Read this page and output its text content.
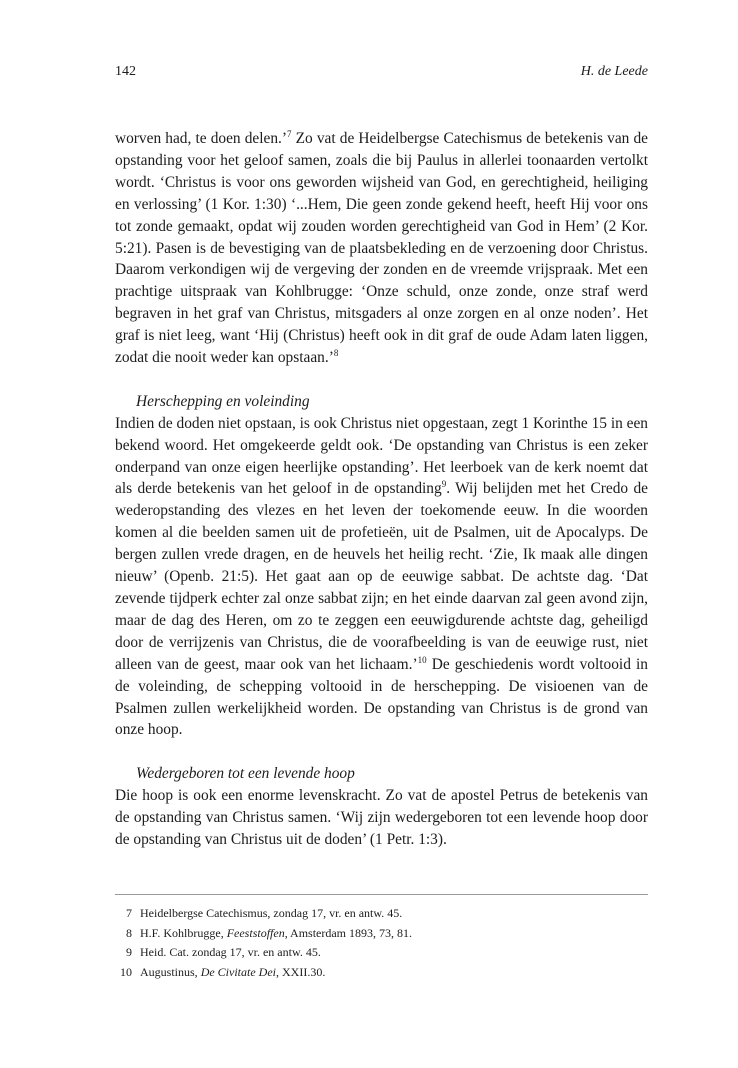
142	H. de Leede

worven had, te doen delen.’$^7$ Zo vat de Heidelbergse Catechismus de betekenis van de opstanding voor het geloof samen, zoals die bij Paulus in allerlei toonaarden vertolkt wordt. ‘Christus is voor ons geworden wijsheid van God, en gerechtigheid, heiliging en verlossing’ (1 Kor. 1:30) ‘...Hem, Die geen zonde gekend heeft, heeft Hij voor ons tot zonde gemaakt, opdat wij zouden worden gerechtigheid van God in Hem’ (2 Kor. 5:21). Pasen is de bevestiging van de plaatsbekleding en de verzoening door Christus. Daarom verkondigen wij de vergeving der zonden en de vreemde vrijspraak. Met een prachtige uitspraak van Kohlbrugge: ‘Onze schuld, onze zonde, onze straf werd begraven in het graf van Christus, mitsgaders al onze zorgen en al onze noden’. Het graf is niet leeg, want ‘Hij (Christus) heeft ook in dit graf de oude Adam laten liggen, zodat die nooit weder kan opstaan.’$^8$

Herschepping en voleinding

Indien de doden niet opstaan, is ook Christus niet opgestaan, zegt 1 Korinthe 15 in een bekend woord. Het omgekeerde geldt ook. ‘De opstanding van Christus is een zeker onderpand van onze eigen heerlijke opstanding’. Het leerboek van de kerk noemt dat als derde betekenis van het geloof in de opstanding$^9$. Wij belijden met het Credo de wederopstanding des vlezes en het leven der toekomende eeuw. In die woorden komen al die beelden samen uit de profetieën, uit de Psalmen, uit de Apocalyps. De bergen zullen vrede dragen, en de heuvels het heilig recht. ‘Zie, Ik maak alle dingen nieuw’ (Openb. 21:5). Het gaat aan op de eeuwige sabbat. De achtste dag. ‘Dat zevende tijdperk echter zal onze sabbat zijn; en het einde daarvan zal geen avond zijn, maar de dag des Heren, om zo te zeggen een eeuwigdurende achtste dag, geheiligd door de verrijzenis van Christus, die de voorafbeelding is van de eeuwige rust, niet alleen van de geest, maar ook van het lichaam.’$^{10}$ De geschiedenis wordt voltooid in de voleinding, de schepping voltooid in de herschepping. De visioenen van de Psalmen zullen werkelijkheid worden. De opstanding van Christus is de grond van onze hoop.

Wedergeboren tot een levende hoop

Die hoop is ook een enorme levenskracht. Zo vat de apostel Petrus de betekenis van de opstanding van Christus samen. ‘Wij zijn wedergeboren tot een levende hoop door de opstanding van Christus uit de doden’ (1 Petr. 1:3).

7 Heidelbergse Catechismus, zondag 17, vr. en antw. 45.
8 H.F. Kohlbrugge, Feeststoffen, Amsterdam 1893, 73, 81.
9 Heid. Cat. zondag 17, vr. en antw. 45.
10 Augustinus, De Civitate Dei, XXII.30.
